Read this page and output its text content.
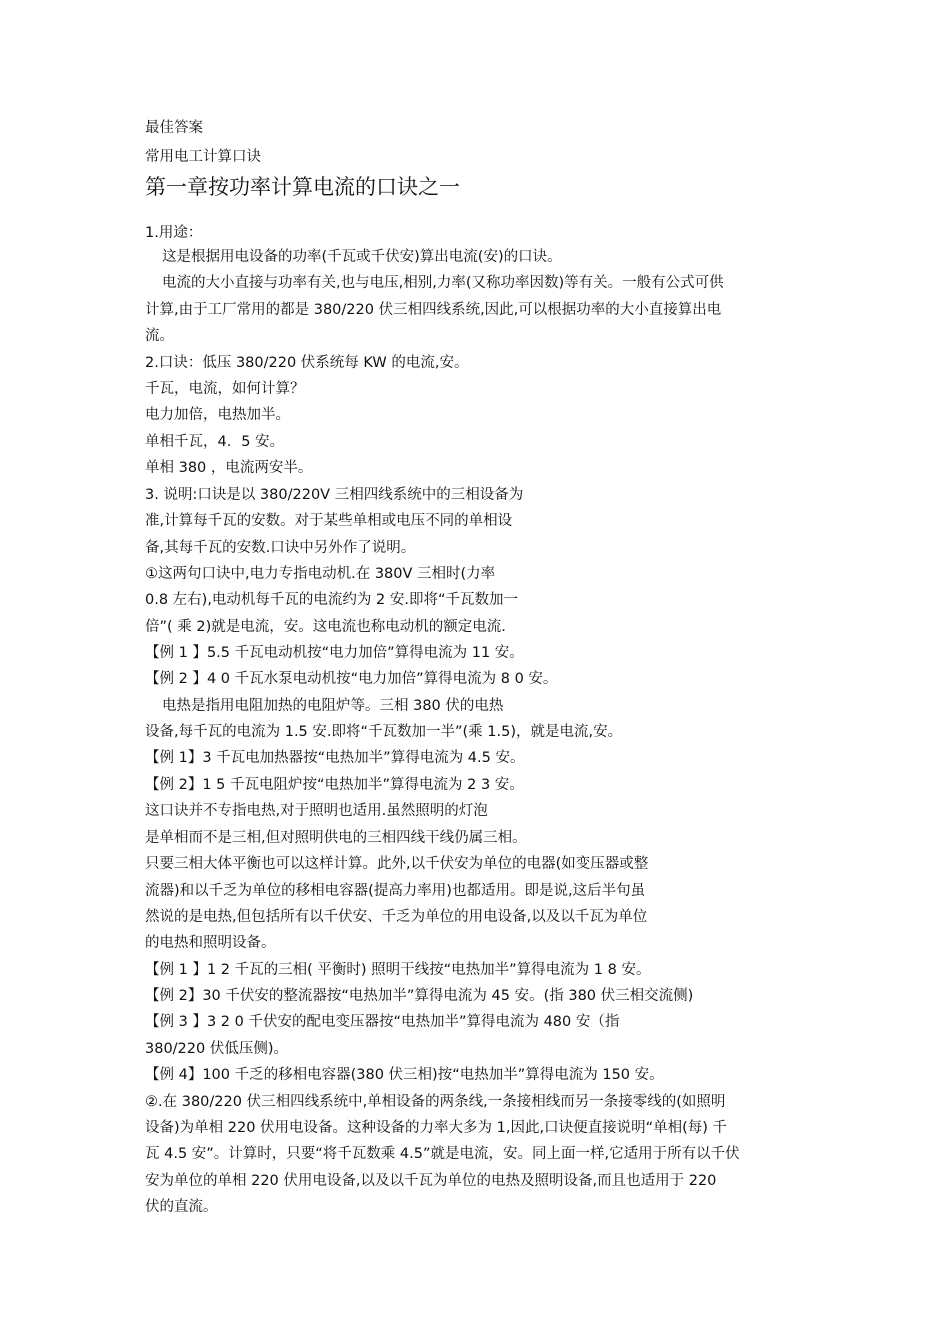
最佳答案

常用电工计算口诀

第一章按功率计算电流的口诀之一

1.用途：

这是根据用电设备的功率(千瓦或千伏安)算出电流(安)的口诀。

电流的大小直接与功率有关,也与电压,相别,力率(又称功率因数)等有关。一般有公式可供

计算,由于工厂常用的都是 380/220 伏三相四线系统,因此,可以根据功率的大小直接算出电

流。

2.口诀：低压 380/220 伏系统每 KW 的电流,安。

千瓦，电流，如何计算？

电力加倍，电热加半。

单相千瓦，4．5 安。

单相 380 ，电流两安半。

3. 说明:口诀是以 380/220V 三相四线系统中的三相设备为

准,计算每千瓦的安数。对于某些单相或电压不同的单相设

备,其每千瓦的安数.口诀中另外作了说明。

①这两句口诀中,电力专指电动机.在 380V 三相时(力率

0.8 左右),电动机每千瓦的电流约为 2 安.即将“千瓦数加一

倍”( 乘 2)就是电流，安。这电流也称电动机的额定电流.

【例 1 】5.5 千瓦电动机按“电力加倍”算得电流为 11 安。

【例 2 】4 0 千瓦水泵电动机按“电力加倍”算得电流为 8 0 安。

电热是指用电阻加热的电阻炉等。三相 380 伏的电热

设备,每千瓦的电流为 1.5 安.即将“千瓦数加一半”(乘 1.5)，就是电流,安。

【例 1】3 千瓦电加热器按“电热加半”算得电流为 4.5 安。

【例 2】1 5 千瓦电阻炉按“电热加半”算得电流为 2 3 安。

这口诀并不专指电热,对于照明也适用.虽然照明的灯泡

是单相而不是三相,但对照明供电的三相四线干线仍属三相。

只要三相大体平衡也可以这样计算。此外,以千伏安为单位的电器(如变压器或整

流器)和以千乏为单位的移相电容器(提高力率用)也都适用。即是说,这后半句虽

然说的是电热,但包括所有以千伏安、千乏为单位的用电设备,以及以千瓦为单位

的电热和照明设备。

【例 1 】1 2 千瓦的三相( 平衡时) 照明干线按“电热加半”算得电流为 1 8 安。

【例 2】30 千伏安的整流器按“电热加半”算得电流为 45 安。(指 380 伏三相交流侧)

【例 3 】3 2 0 千伏安的配电变压器按“电热加半”算得电流为 480 安（指

380/220 伏低压侧)。

【例 4】100 千乏的移相电容器(380 伏三相)按“电热加半”算得电流为 150 安。

②.在 380/220 伏三相四线系统中,单相设备的两条线,一条接相线而另一条接零线的(如照明

设备)为单相 220 伏用电设备。这种设备的力率大多为 1,因此,口诀便直接说明“单相(每) 千

瓦 4.5 安”。计算时，只要“将千瓦数乘 4.5”就是电流，安。同上面一样,它适用于所有以千伏

安为单位的单相 220 伏用电设备,以及以千瓦为单位的电热及照明设备,而且也适用于 220

伏的直流。
